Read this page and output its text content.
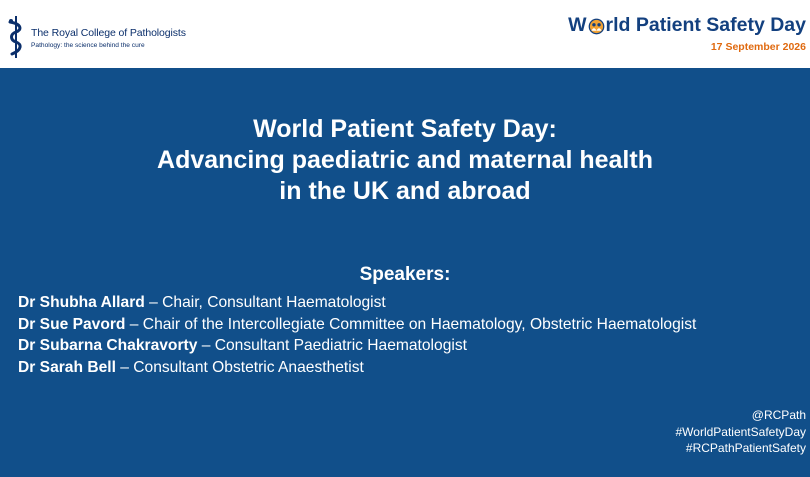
The Royal College of Pathologists
Pathology: the science behind the cure
W rld Patient Safety Day
17 September 2026
World Patient Safety Day:
Advancing paediatric and maternal health
in the UK and abroad
Speakers:
Dr Shubha Allard – Chair, Consultant Haematologist
Dr Sue Pavord – Chair of the Intercollegiate Committee on Haematology, Obstetric Haematologist
Dr Subarna Chakravorty – Consultant Paediatric Haematologist
Dr Sarah Bell – Consultant Obstetric Anaesthetist
@RCPath
#WorldPatientSafetyDay
#RCPathPatientSafety
